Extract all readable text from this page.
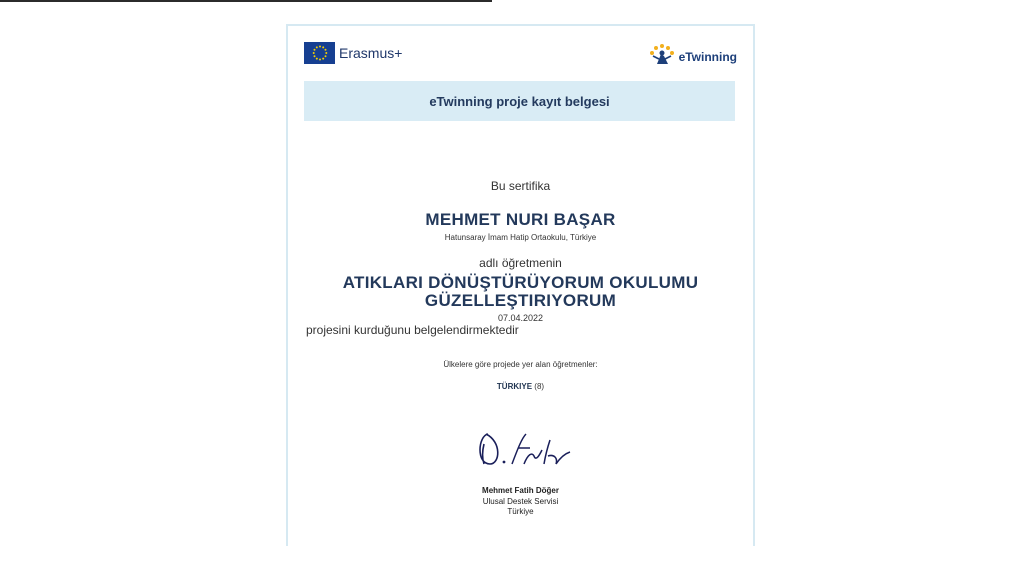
Erasmus+	eTwinning
eTwinning proje kayıt belgesi
Bu sertifika
MEHMET NURI BAŞAR
Hatunsaray İmam Hatip Ortaokulu, Türkiye
adlı öğretmenin
ATIKLARI DÖNÜŞTÜRÜYORUM OKULUMU
GÜZELLEŞTIRIYORUM
07.04.2022
projesini kurduğunu belgelendirmektedir
Ülkelere göre projede yer alan öğretmenler:
TÜRKIYE (8)
Mehmet Fatih Döğer
Ulusal Destek Servisi
Türkiye
